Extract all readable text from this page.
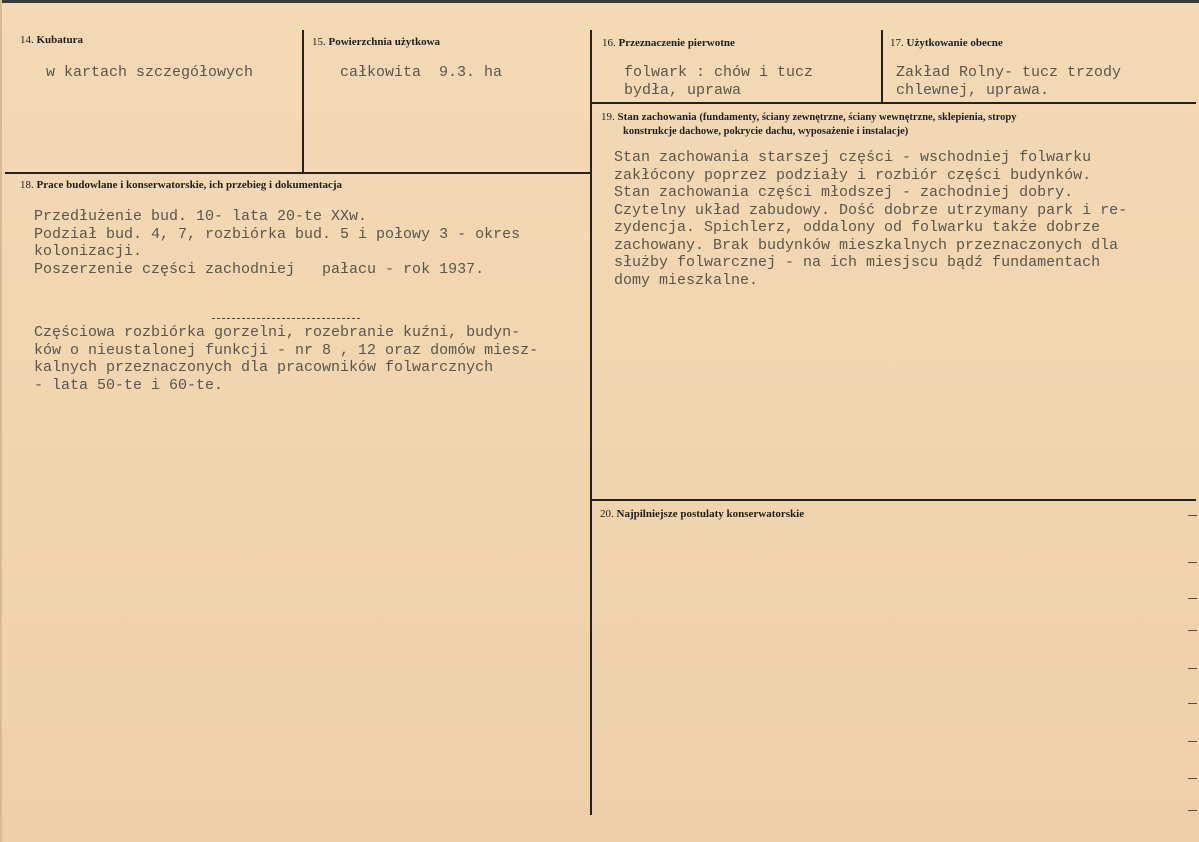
14. Kubatura
w kartach szczegółowych
15. Powierzchnia użytkowa
całkowita  9.3. ha
16. Przeznaczenie pierwotne
folwark : chów i tucz
bydła, uprawa
17. Użytkowanie obecne
Zakład Rolny- tucz trzody
chlewnej, uprawa.
18. Prace budowlane i konserwatorskie, ich przebieg i dokumentacja
Przedłużenie bud. 10- lata 20-te XXw.
Podział bud. 4, 7, rozbiórka bud. 5 i połowy 3 - okres
kolonizacji.
Poszerzenie części zachodniej   pałacu - rok 1937.
Częściowa rozbiórka gorzelni, rozebranie kuźni, budyn-
ków o nieustalonej funkcji - nr 8 , 12 oraz domów miesz-
kalnych przeznaczonych dla pracowników folwarcznych
- lata 50-te i 60-te.
19. Stan zachowania (fundamenty, ściany zewnętrzne, ściany wewnętrzne, sklepienia, stropy
konstrukcje dachowe, pokrycie dachu, wyposażenie i instalacje)
Stan zachowania starszej części - wschodniej folwarku
zakłócony poprzez podziały i rozbiór części budynków.
Stan zachowania części młodszej - zachodniej dobry.
Czytelny układ zabudowy. Dość dobrze utrzymany park i re-
zydencja. Spichlerz, oddalony od folwarku także dobrze
zachowany. Brak budynków mieszkalnych przeznaczonych dla
służby folwarcznej - na ich miesjscu bądź fundamentach
domy mieszkalne.
20. Najpilniejsze postulaty konserwatorskie
